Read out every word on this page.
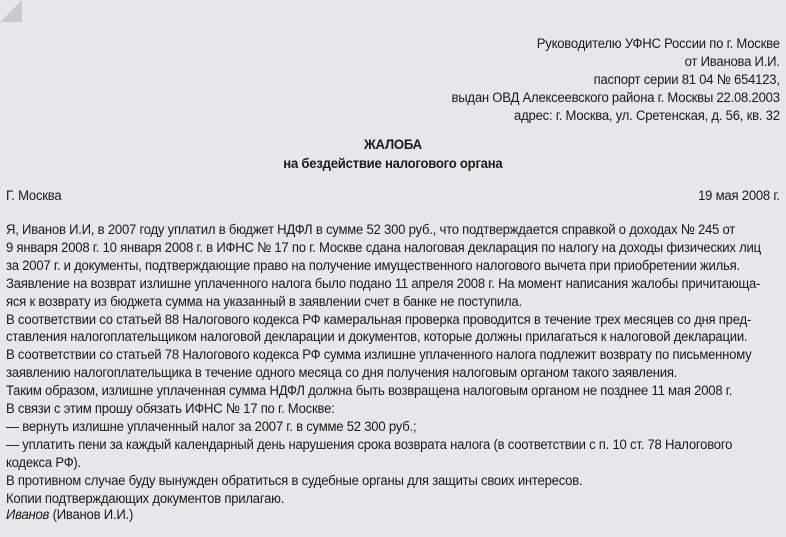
Руководителю УФНС России по г. Москве
от Иванова И.И.
паспорт серии 81 04 № 654123,
выдан ОВД Алексеевского района г. Москвы 22.08.2003
адрес: г. Москва, ул. Сретенская, д. 56, кв. 32
ЖАЛОБА
на бездействие налогового органа
Г. Москва	19 мая 2008 г.
Я, Иванов И.И, в 2007 году уплатил в бюджет НДФЛ в сумме 52 300 руб., что подтверждается справкой о доходах № 245 от
9 января 2008 г. 10 января 2008 г. в ИФНС № 17 по г. Москве сдана налоговая декларация по налогу на доходы физических лиц
за 2007 г. и документы, подтверждающие право на получение имущественного налогового вычета при приобретении жилья.
Заявление на возврат излишне уплаченного налога было подано 11 апреля 2008 г. На момент написания жалобы причитающа-
яся к возврату из бюджета сумма на указанный в заявлении счет в банке не поступила.
В соответствии со статьей 88 Налогового кодекса РФ камеральная проверка проводится в течение трех месяцев со дня пред-
ставления налогоплательщиком налоговой декларации и документов, которые должны прилагаться к налоговой декларации.
В соответствии со статьей 78 Налогового кодекса РФ сумма излишне уплаченного налога подлежит возврату по письменному
заявлению налогоплательщика в течение одного месяца со дня получения налоговым органом такого заявления.
Таким образом, излишне уплаченная сумма НДФЛ должна быть возвращена налоговым органом не позднее 11 мая 2008 г.
В связи с этим прошу обязать ИФНС № 17 по г. Москве:
— вернуть излишне уплаченный налог за 2007 г. в сумме 52 300 руб.;
— уплатить пени за каждый календарный день нарушения срока возврата налога (в соответствии с п. 10 ст. 78 Налогового
кодекса РФ).
В противном случае буду вынужден обратиться в судебные органы для защиты своих интересов.
Копии подтверждающих документов прилагаю.
Иванов (Иванов И.И.)
